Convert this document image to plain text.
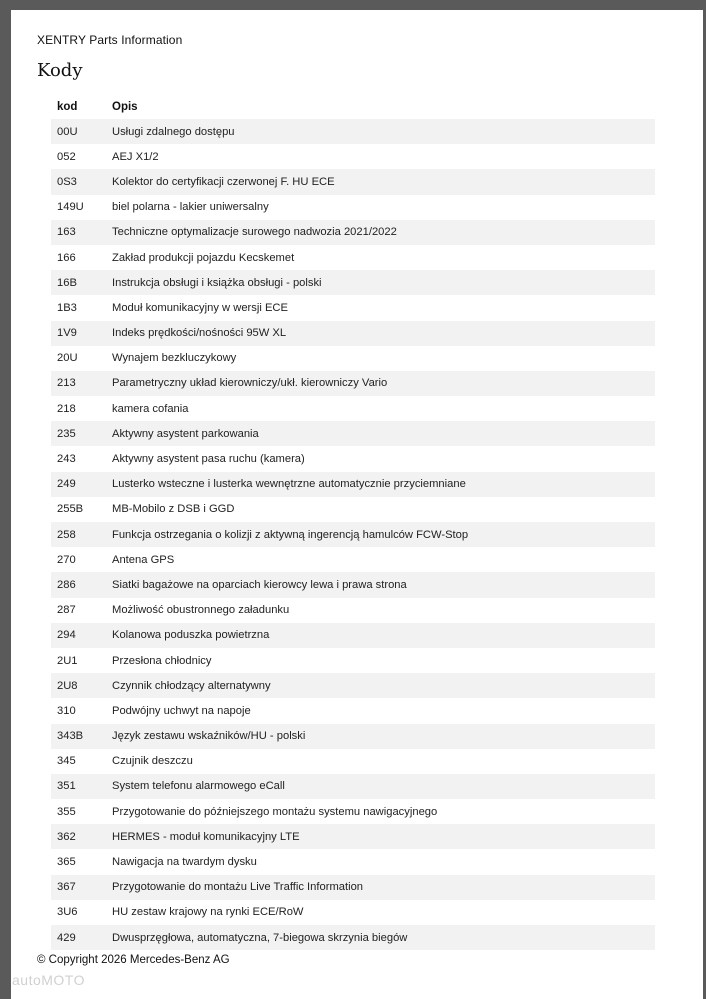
XENTRY Parts Information
Kody
kod	Opis
00U	Usługi zdalnego dostępu
052	AEJ X1/2
0S3	Kolektor do certyfikacji czerwonej F. HU ECE
149U	biel polarna - lakier uniwersalny
163	Techniczne optymalizacje surowego nadwozia 2021/2022
166	Zakład produkcji pojazdu Kecskemet
16B	Instrukcja obsługi i książka obsługi - polski
1B3	Moduł komunikacyjny w wersji ECE
1V9	Indeks prędkości/nośności 95W XL
20U	Wynajem bezkluczykowy
213	Parametryczny układ kierowniczy/ukł. kierowniczy Vario
218	kamera cofania
235	Aktywny asystent parkowania
243	Aktywny asystent pasa ruchu (kamera)
249	Lusterko wsteczne i lusterka wewnętrzne automatycznie przyciemniane
255B	MB-Mobilo z DSB i GGD
258	Funkcja ostrzegania o kolizji z aktywną ingerencją hamulców FCW-Stop
270	Antena GPS
286	Siatki bagażowe na oparciach kierowcy lewa i prawa strona
287	Możliwość obustronnego załadunku
294	Kolanowa poduszka powietrzna
2U1	Przesłona chłodnicy
2U8	Czynnik chłodzący alternatywny
310	Podwójny uchwyt na napoje
343B	Język zestawu wskaźników/HU - polski
345	Czujnik deszczu
351	System telefonu alarmowego eCall
355	Przygotowanie do późniejszego montażu systemu nawigacyjnego
362	HERMES - moduł komunikacyjny LTE
365	Nawigacja na twardym dysku
367	Przygotowanie do montażu Live Traffic Information
3U6	HU zestaw krajowy na rynki ECE/RoW
429	Dwusprzęgłowa, automatyczna, 7-biegowa skrzynia biegów
© Copyright 2026 Mercedes-Benz AG
autoMOTO
